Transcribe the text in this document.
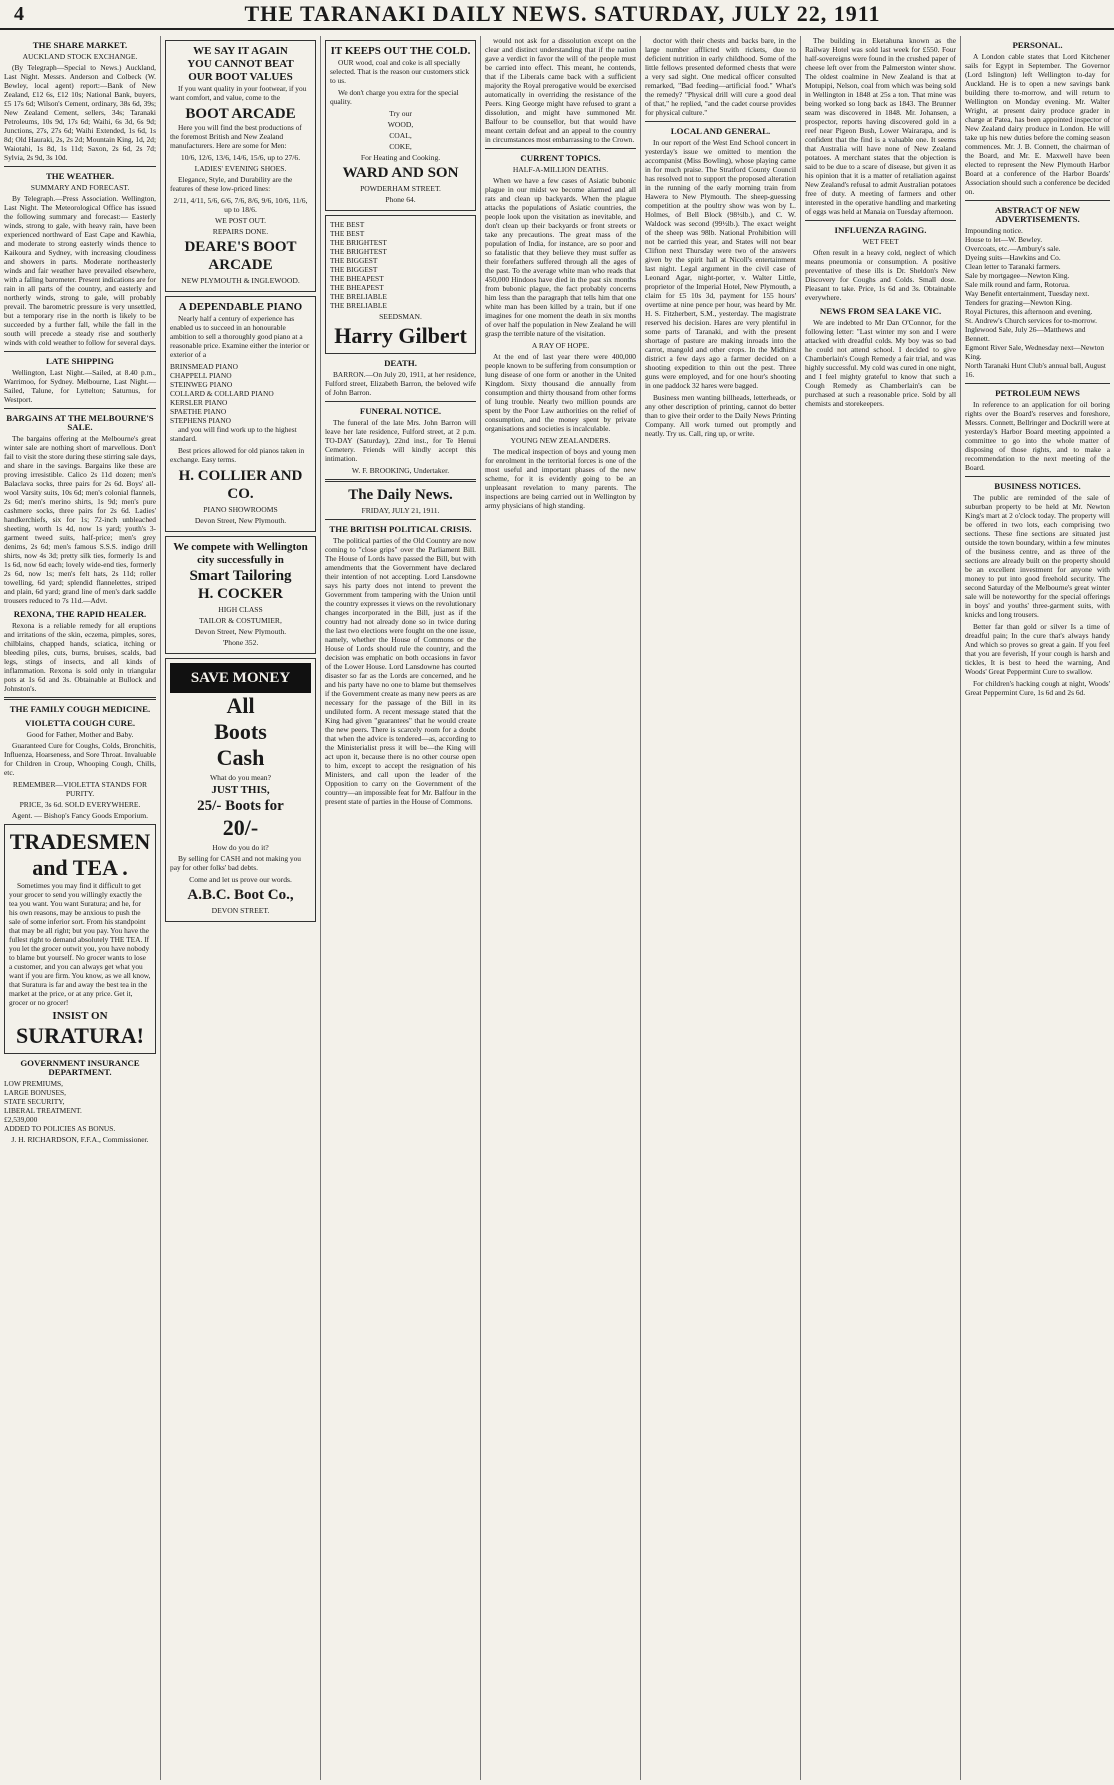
4	THE TARANAKI DAILY NEWS. SATURDAY, JULY 22, 1911
THE SHARE MARKET.
AUCKLAND STOCK EXCHANGE.

(By Telegraph—Special to News.) Auckland, Last Night. Messrs. Anderson and Colbeck (W. Bewley, local agent) report:—Bank of New Zealand, £12 6s, £12 10s; National Bank, buyers, £5 17s 6d; Wilson's Cement, ordinary, 38s 6d, 39s; New Zealand Cement, sellers, 34s; Taranaki Petroleums, 10s 9d, 17s 6d; Waihi, 6s 3d, 6s 9d; Junctions, 27s, 27s 6d; Waihi Extended, 1s 6d, 1s 8d; Old Hauraki, 2s, 2s 2d; Mountain King, 1d, 2d; Waiotahi, 1s 8d, 1s 11d; Saxon, 2s 6d, 2s 7d; Sylvia, 2s 9d, 3s 10d.

THE WEATHER.
SUMMARY AND FORECAST.

By Telegraph.—Press Association. Wellington, Last Night. The Meteorological Office has issued the following summary and forecast:— Easterly winds, strong to gale, with heavy rain, have been experienced northward of East Cape and Kawhia, and moderate to strong easterly winds thence to Kaikoura and Sydney, with increasing cloudiness and showers in parts. Moderate northeasterly winds and fair weather have prevailed elsewhere, with a falling barometer. Present indications are for rain in all parts of the country, and easterly and northerly winds, strong to gale, will probably prevail. The barometric pressure is very unsettled, but a temporary rise in the north is likely to be succeeded by a further fall, while the fall in the south will precede a steady rise and southerly winds with cold weather to follow for several days.

LATE SHIPPING

Wellington, Last Night.—Sailed, at 8.40 p.m., Warrimoo, for Sydney. Melbourne, Last Night.—Sailed, Talune, for Lyttelton; Saturnus, for Westport.

BARGAINS AT THE MELBOURNE'S SALE.

The bargains offering at the Melbourne's great winter sale are nothing short of marvellous. Don't fail to visit the store during these stirring sale days, and share in the savings. Bargains like these are proving irresistible. Calico 2s 11d dozen; men's Balaclava socks, three pairs for 2s 6d. Boys' all-wool Varsity suits, 10s 6d; men's colonial flannels, 2s 6d; men's merino shirts, 1s 9d; men's pure cashmere socks, three pairs for 2s 6d. Ladies' handkerchiefs, six for 1s; 72-inch unbleached sheeting, worth 1s 4d, now 1s yard; youth's 3-garment tweed suits, half-price; men's grey denims, 2s 6d; men's famous S.S.S. indigo drill shirts, now 4s 3d; pretty silk ties, formerly 1s and 1s 6d, now 6d each; lovely wide-end ties, formerly 2s 6d, now 1s; men's felt hats, 2s 11d; roller towelling, 6d yard; splendid flannelettes, striped and plain, 6d yard; grand line of men's dark saddle trousers reduced to 7s 11d.—Advt.

REXONA, THE RAPID HEALER.

Rexona is a reliable remedy for all eruptions and irritations of the skin, eczema, pimples, sores, chilblains, chapped hands, sciatica, itching or bleeding piles, cuts, burns, bruises, scalds, bad legs, stings of insects, and all kinds of inflammation. Rexona is sold only in triangular pots at 1s 6d and 3s. Obtainable at Bullock and Johnston's.

THE FAMILY COUGH MEDICINE.
VIOLETTA COUGH CURE.
Good for Father, Mother and Baby.

Guaranteed Cure for Coughs, Colds, Bronchitis, Influenza, Hoarseness, and Sore Throat. Invaluable for Children in Croup, Whooping Cough, Chills, etc.

REMEMBER—VIOLETTA STANDS FOR PURITY.
PRICE, 3s 6d. SOLD EVERYWHERE.
Agent. — Bishop's Fancy Goods Emporium.
TRADESMEN and TEA .

Sometimes you may find it difficult to get your grocer to send you willingly exactly the tea you want. You want Suratura; and he, for his own reasons, may be anxious to push the sale of some inferior sort. From his standpoint that may be all right; but you pay. You have the fullest right to demand absolutely THE TEA. If you let the grocer outwit you, you have nobody to blame but yourself. No grocer wants to lose a customer, and you can always get what you want if you are firm. You know, as we all know, that Suratura is far and away the best tea in the market at the price, or at any price. Get it, grocer or no grocer!

INSIST ON
SURATURA!
GOVERNMENT INSURANCE DEPARTMENT.
LOW PREMIUMS,
LARGE BONUSES,
STATE SECURITY,
LIBERAL TREATMENT.
£2,539,000
ADDED TO POLICIES AS BONUS.
J. H. RICHARDSON, F.F.A., Commissioner.
WE SAY IT AGAIN
YOU CANNOT BEAT
OUR BOOT VALUES

If you want quality in your footwear, if you want comfort, and value, come to the

BOOT ARCADE

Here you will find the best productions of the foremost British and New Zealand manufacturers. Here are some for Men:

10/6, 12/6, 13/6, 14/6, 15/6, up to 27/6.
LADIES' EVENING SHOES.

Elegance, Style, and Durability are the features of these low-priced lines:

2/11, 4/11, 5/6, 6/6, 7/6, 8/6, 9/6, 10/6, 11/6, up to 18/6.
WE POST OUT.
REPAIRS DONE.
DEARE'S BOOT ARCADE
NEW PLYMOUTH & INGLEWOOD.
A DEPENDABLE PIANO

Nearly half a century of experience has enabled us to succeed in an honourable ambition to sell a thoroughly good piano at a reasonable price. Examine either the interior or exterior of a

BRINSMEAD PIANO
CHAPPELL PIANO
STEINWEG PIANO
COLLARD & COLLARD PIANO
KERSLER PIANO
SPAETHE PIANO
STEPHENS PIANO

and you will find work up to the highest standard.

Best prices allowed for old pianos taken in exchange. Easy terms.

H. COLLIER AND CO.
PIANO SHOWROOMS
Devon Street, New Plymouth.
We compete with Wellington city successfully in
Smart Tailoring
H. COCKER
HIGH CLASS
TAILOR & COSTUMIER,
Devon Street, New Plymouth.
'Phone 352.
SAVE MONEY
All
Boots
Cash
What do you mean?
JUST THIS,
25/- Boots for
20/-
How do you do it?

By selling for CASH and not making you pay for other folks' bad debts.

Come and let us prove our words.
A.B.C. Boot Co.,
DEVON STREET.
IT KEEPS OUT THE COLD.

OUR wood, coal and coke is all specially selected. That is the reason our customers stick to us.

We don't charge you extra for the special quality.

Try our
WOOD,
COAL,
COKE,
For Heating and Cooking.
WARD AND SON
POWDERHAM STREET.
Phone 64.
THE BEST
THE BEST
THE BRIGHTEST
THE BRIGHTEST
THE BIGGEST
THE BIGGEST
THE BHEAPEST
THE BHEAPEST
THE BRELIABLE
THE BRELIABLE
SEEDSMAN.
Harry Gilbert
DEATH.

BARRON.—On July 20, 1911, at her residence, Fulford street, Elizabeth Barron, the beloved wife of John Barron.

FUNERAL NOTICE.

The funeral of the late Mrs. John Barron will leave her late residence, Fulford street, at 2 p.m. TO-DAY (Saturday), 22nd inst., for Te Henui Cemetery. Friends will kindly accept this intimation.

W. F. BROOKING, Undertaker.
The Daily News.
FRIDAY, JULY 21, 1911.
THE BRITISH POLITICAL CRISIS.

The political parties of the Old Country are now coming to "close grips" over the Parliament Bill. The House of Lords have passed the Bill, but with amendments that the Government have declared their intention of not accepting. Lord Lansdowne says his party does not intend to prevent the Government from tampering with the Union until the country expresses it views on the revolutionary changes incorporated in the Bill, just as if the country had not already done so in twice during the last two elections were fought on the one issue, namely, whether the House of Commons or the House of Lords should rule the country, and the decision was emphatic on both occasions in favor of the Lower House. Lord Lansdowne has courted disaster so far as the Lords are concerned, and he and his party have no one to blame but themselves if the Government create as many new peers as are necessary for the passage of the Bill in its undiluted form. A recent message stated that the King had given "guarantees" that he would create the new peers. There is scarcely room for a doubt that when the advice is tendered—as, according to the Ministerialist press it will be—the King will act upon it, because there is no other course open to him, except to accept the resignation of his Ministers, and call upon the leader of the Opposition to carry on the Government of the country—an impossible feat for Mr. Balfour in the present state of parties in the House of Commons.

would not ask for a dissolution except on the clear and distinct understanding that if the nation gave a verdict in favor the will of the people must be carried into effect. This meant, he contends, that if the Liberals came back with a sufficient majority the Royal prerogative would be exercised automatically in overriding the resistance of the Peers. King George might have refused to grant a dissolution, and might have summoned Mr. Balfour to be counsellor, but that would have meant certain defeat and an appeal to the country in circumstances most embarrassing to the Crown.

CURRENT TOPICS.
HALF-A-MILLION DEATHS.

When we have a few cases of Asiatic bubonic plague in our midst we become alarmed and all rats and clean up backyards. When the plague attacks the populations of Asiatic countries, the people look upon the visitation as inevitable, and don't clean up their backyards or front streets or take any precautions. The great mass of the population of India, for instance, are so poor and so fatalistic that they believe they must suffer as their forefathers suffered through all the ages of the past. To the average white man who reads that 450,000 Hindoos have died in the past six months from bubonic plague, the fact probably concerns him less than the paragraph that tells him that one white man has been killed by a train, but if one imagines for one moment the death in six months of over half the population in New Zealand he will grasp the terrible nature of the visitation.

A RAY OF HOPE.

At the end of last year there were 400,000 people known to be suffering from consumption or lung disease of one form or another in the United Kingdom. Sixty thousand die annually from consumption and thirty thousand from other forms of lung trouble. Nearly two million pounds are spent by the Poor Law authorities on the relief of consumption, and the money spent by private organisations and societies is incalculable.

YOUNG NEW ZEALANDERS.

The medical inspection of boys and young men for enrolment in the territorial forces is one of the most useful and important phases of the new scheme, for it is evidently going to be an unpleasant revelation to many parents. The inspections are being carried out in Wellington by army physicians of high standing.

doctor with their chests and backs bare, in the large number afflicted with rickets, due to deficient nutrition in early childhood. Some of the little fellows presented deformed chests that were a very sad sight. One medical officer consulted remarked, "Bad feeding—artificial food." What's the remedy? "Physical drill will cure a good deal of that," he replied, "and the cadet course provides for physical culture."

LOCAL AND GENERAL.

In our report of the West End School concert in yesterday's issue we omitted to mention the accompanist (Miss Bowling), whose playing came in for much praise. The Stratford County Council has resolved not to support the proposed alteration in the running of the early morning train from Hawera to New Plymouth. The sheep-guessing competition at the poultry show was won by L. Holmes, of Bell Block (98½lb.), and C. W. Waldock was second (99½lb.). The exact weight of the sheep was 98lb. National Prohibition will not be carried this year, and States will not bear Clifton next Thursday were two of the answers given by the spirit hall at Nicoll's entertainment last night. Legal argument in the civil case of Leonard Agar, night-porter, v. Walter Little, proprietor of the Imperial Hotel, New Plymouth, a claim for £5 10s 3d, payment for 155 hours' overtime at nine pence per hour, was heard by Mr. H. S. Fitzherbert, S.M., yesterday. The magistrate reserved his decision. Hares are very plentiful in some parts of Taranaki, and with the present shortage of pasture are making inroads into the carrot, mangold and other crops. In the Midhirst district a few days ago a farmer decided on a shooting expedition to thin out the pest. Three guns were employed, and for one hour's shooting in one paddock 32 hares were bagged.

Business men wanting billheads, letterheads, or any other description of printing, cannot do better than to give their order to the Daily News Printing Company. All work turned out promptly and neatly. Try us. Call, ring up, or write.

The building in Eketahuna known as the Railway Hotel was sold last week for £550. Four half-sovereigns were found in the crushed paper of cheese left over from the Palmerston winter show. The oldest coalmine in New Zealand is that at Motupipi, Nelson, coal from which was being sold in Wellington in 1848 at 25s a ton. That mine was being worked so long back as 1843. The Brunner seam was discovered in 1848. Mr. Johansen, a prospector, reports having discovered gold in a reef near Pigeon Bush, Lower Wairarapa, and is confident that the find is a valuable one. It seems that Australia will have none of New Zealand potatoes. A merchant states that the objection is said to be due to a scare of disease, but given it as his opinion that it is a matter of retaliation against New Zealand's refusal to admit Australian potatoes free of duty. A meeting of farmers and other interested in the operative handling and marketing of eggs was held at Manaia on Tuesday afternoon.

INFLUENZA RAGING.
WET FEET

Often result in a heavy cold, neglect of which means pneumonia or consumption. A positive preventative of these ills is Dr. Sheldon's New Discovery for Coughs and Colds. Small dose. Pleasant to take. Price, 1s 6d and 3s. Obtainable everywhere.

NEWS FROM SEA LAKE VIC.

We are indebted to Mr Dan O'Connor, for the following letter: "Last winter my son and I were attacked with dreadful colds. My boy was so bad he could not attend school. I decided to give Chamberlain's Cough Remedy a fair trial, and was highly successful. My cold was cured in one night, and I feel mighty grateful to know that such a Cough Remedy as Chamberlain's can be purchased at such a reasonable price. Sold by all chemists and storekeepers.

PERSONAL.

A London cable states that Lord Kitchener sails for Egypt in September. The Governor (Lord Islington) left Wellington to-day for Auckland. He is to open a new savings bank building there to-morrow, and will return to Wellington on Monday evening. Mr. Walter Wright, at present dairy produce grader in charge at Patea, has been appointed inspector of New Zealand dairy produce in London. He will take up his new duties before the coming season commences. Mr. J. B. Connett, the chairman of the Board, and Mr. E. Maxwell have been elected to represent the New Plymouth Harbor Board at a conference of the Harbor Boards' Association should such a conference be decided on.

ABSTRACT OF NEW ADVERTISEMENTS.
Impounding notice.
House to let—W. Bewley.
Overcoats, etc.—Ambury's sale.
Dyeing suits—Hawkins and Co.
Clean letter to Taranaki farmers.
Sale by mortgagee—Newton King.
Sale milk round and farm, Rotorua.
Way Benefit entertainment, Tuesday next.
Tenders for grazing—Newton King.
Royal Pictures, this afternoon and evening.
St. Andrew's Church services for to-morrow.
Inglewood Sale, July 26—Matthews and Bennett.
Egmont River Sale, Wednesday next—Newton King.
North Taranaki Hunt Club's annual ball, August 16.
PETROLEUM NEWS

In reference to an application for oil boring rights over the Board's reserves and foreshore, Messrs. Connett, Bellringer and Dockrill were at yesterday's Harbor Board meeting appointed a committee to go into the whole matter of disposing of those rights, and to make a recommendation to the next meeting of the Board.

BUSINESS NOTICES.

The public are reminded of the sale of suburban property to be held at Mr. Newton King's mart at 2 o'clock today. The property will be offered in two lots, each comprising two sections. These fine sections are situated just outside the town boundary, within a few minutes of the business centre, and as three of the sections are already built on the property should be an excellent investment for anyone with money to put into good freehold security. The second Saturday of the Melbourne's great winter sale will be noteworthy for the special offerings in boys' and youths' three-garment suits, with knicks and long trousers.

Better far than gold or silver Is a time of dreadful pain; In the cure that's always handy And which so proves so great a gain. If you feel that you are feverish, If your cough is harsh and tickles, It is best to heed the warning, And Woods' Great Peppermint Cure to swallow.

For children's hacking cough at night, Woods' Great Peppermint Cure, 1s 6d and 2s 6d.
